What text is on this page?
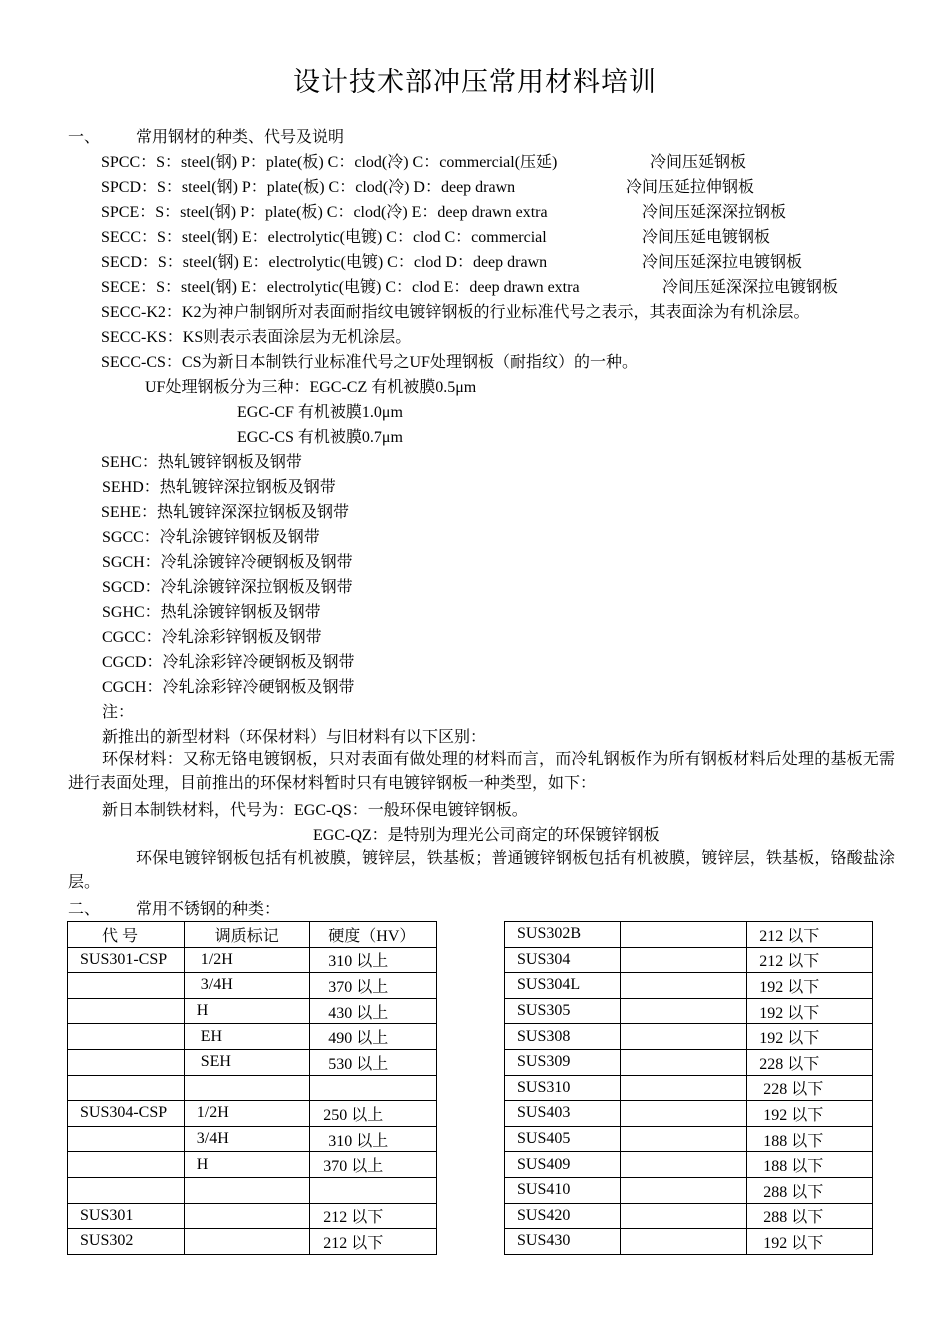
设计技术部冲压常用材料培训
一、 常用钢材的种类、代号及说明
SPCC：S：steel(钢) P：plate(板) C：clod(冷) C：commercial(压延)	冷间压延钢板
SPCD：S：steel(钢) P：plate(板) C：clod(冷) D：deep drawn	冷间压延拉伸钢板
SPCE：S：steel(钢) P：plate(板) C：clod(冷) E：deep drawn extra	冷间压延深深拉钢板
SECC：S：steel(钢) E：electrolytic(电镀) C：clod C：commercial	冷间压延电镀钢板
SECD：S：steel(钢) E：electrolytic(电镀) C：clod D：deep drawn	冷间压延深拉电镀钢板
SECE：S：steel(钢) E：electrolytic(电镀) C：clod E：deep drawn extra	冷间压延深深拉电镀钢板
SECC-K2：K2为神户制钢所对表面耐指纹电镀锌钢板的行业标准代号之表示，其表面涂为有机涂层。
SECC-KS：KS则表示表面涂层为无机涂层。
SECC-CS：CS为新日本制铁行业标准代号之UF处理钢板（耐指纹）的一种。
UF处理钢板分为三种：EGC-CZ 有机被膜0.5μm
EGC-CF 有机被膜1.0μm
EGC-CS 有机被膜0.7μm
SEHC：热轧镀锌钢板及钢带
SEHD：热轧镀锌深拉钢板及钢带
SEHE：热轧镀锌深深拉钢板及钢带
SGCC：冷轧涂镀锌钢板及钢带
SGCH：冷轧涂镀锌冷硬钢板及钢带
SGCD：冷轧涂镀锌深拉钢板及钢带
SGHC：热轧涂镀锌钢板及钢带
CGCC：冷轧涂彩锌钢板及钢带
CGCD：冷轧涂彩锌冷硬钢板及钢带
CGCH：冷轧涂彩锌冷硬钢板及钢带
注：
新推出的新型材料（环保材料）与旧材料有以下区别：
环保材料：又称无铬电镀钢板，只对表面有做处理的材料而言，而冷轧钢板作为所有钢板材料后处理的基板无需进行表面处理，目前推出的环保材料暂时只有电镀锌钢板一种类型，如下：
新日本制铁材料，代号为：EGC-QS：一般环保电镀锌钢板。
EGC-QZ：是特别为理光公司商定的环保镀锌钢板
环保电镀锌钢板包括有机被膜，镀锌层，铁基板；普通镀锌钢板包括有机被膜，镀锌层，铁基板，铬酸盐涂层。
二、 常用不锈钢的种类：
代 号	调质标记	硬度（HV）
SUS301-CSP	1/2H	310 以上
	3/4H	370 以上
	H	430 以上
	EH	490 以上
	SEH	530 以上

SUS304-CSP	1/2H	250 以上
	3/4H	310 以上
	H	370 以上

SUS301		212 以下
SUS302		212 以下
SUS302B		212 以下
SUS304		212 以下
SUS304L		192 以下
SUS305		192 以下
SUS308		192 以下
SUS309		228 以下
SUS310		228 以下
SUS403		192 以下
SUS405		188 以下
SUS409		188 以下
SUS410		288 以下
SUS420		288 以下
SUS430		192 以下
